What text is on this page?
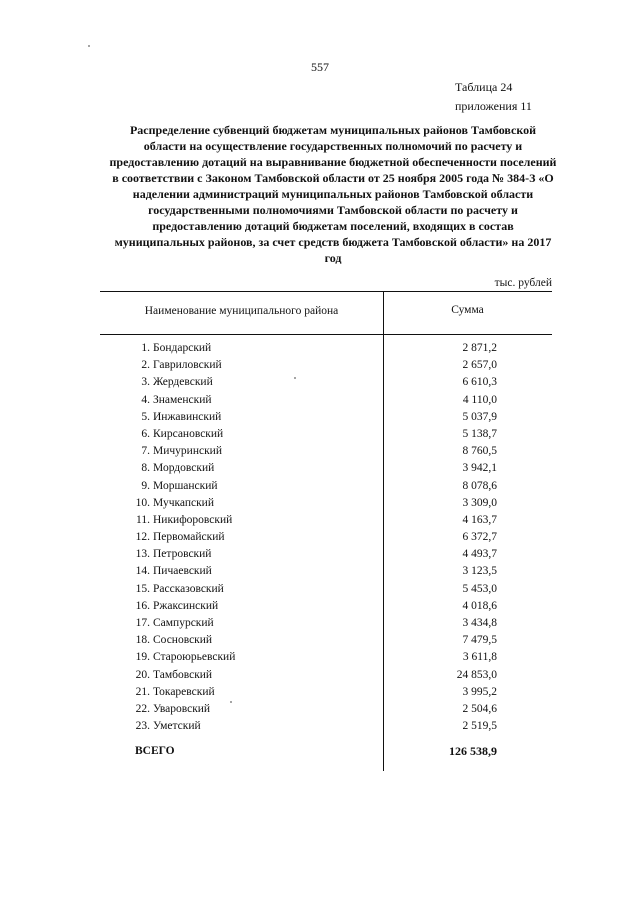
557
Таблица 24
приложения 11
Распределение субвенций бюджетам муниципальных районов Тамбовской области на осуществление государственных полномочий по расчету и предоставлению дотаций на выравнивание бюджетной обеспеченности поселений в соответствии с Законом Тамбовской области от 25 ноября 2005 года № 384-З «О наделении администраций муниципальных районов Тамбовской области государственными полномочиями Тамбовской области по расчету и предоставлению дотаций бюджетам поселений, входящих в состав муниципальных районов, за счет средств бюджета Тамбовской области» на 2017 год
тыс. рублей
Наименование муниципального района	Сумма
1. Бондарский	2 871,2
2. Гавриловский	2 657,0
3. Жердевский	6 610,3
4. Знаменский	4 110,0
5. Инжавинский	5 037,9
6. Кирсановский	5 138,7
7. Мичуринский	8 760,5
8. Мордовский	3 942,1
9. Моршанский	8 078,6
10. Мучкапский	3 309,0
11. Никифоровский	4 163,7
12. Первомайский	6 372,7
13. Петровский	4 493,7
14. Пичаевский	3 123,5
15. Рассказовский	5 453,0
16. Ржаксинский	4 018,6
17. Сампурский	3 434,8
18. Сосновский	7 479,5
19. Староюрьевский	3 611,8
20. Тамбовский	24 853,0
21. Токаревский	3 995,2
22. Уваровский	2 504,6
23. Уметский	2 519,5
ВСЕГО	126 538,9
